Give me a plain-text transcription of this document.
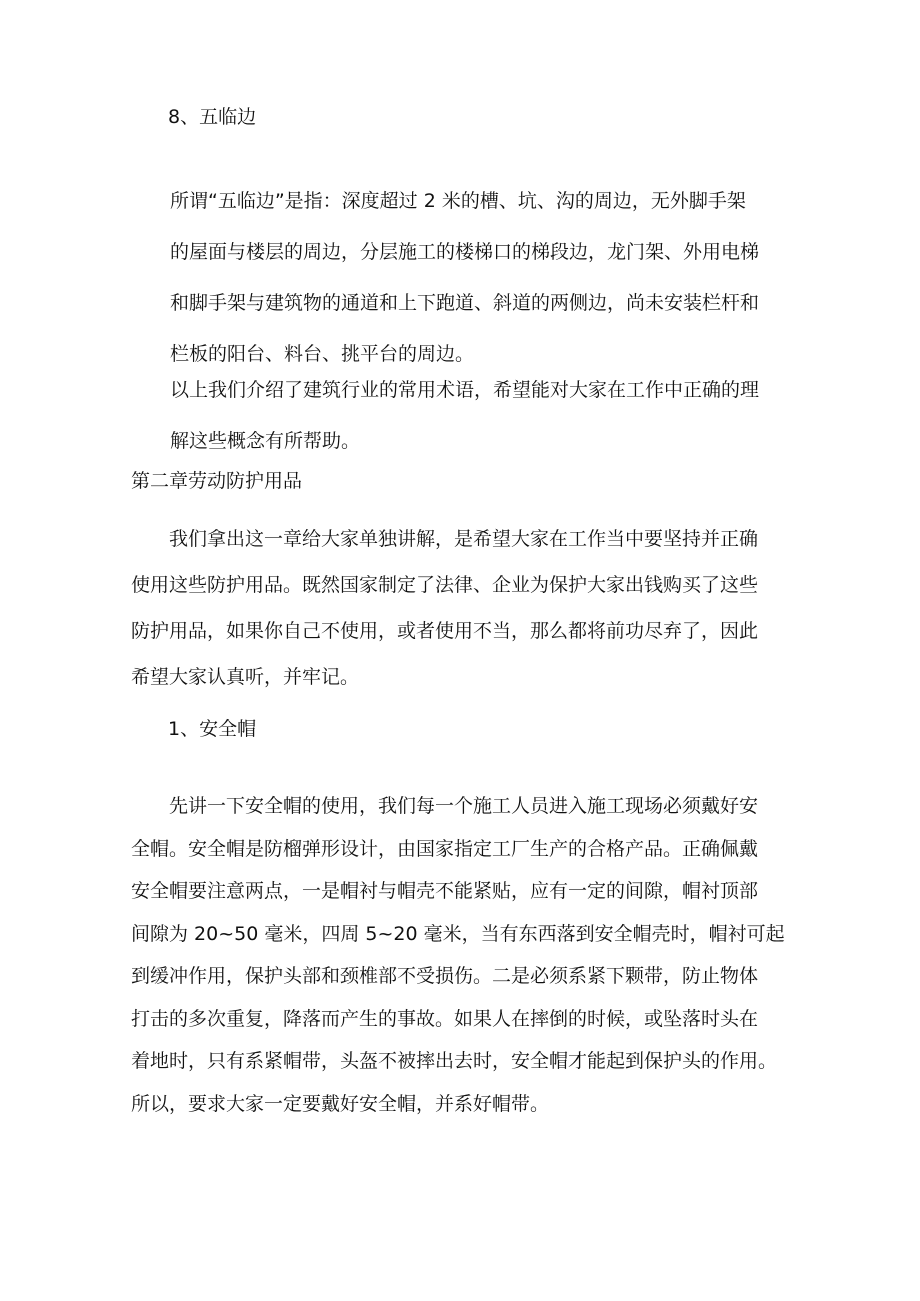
8、五临边
所谓“五临边”是指：深度超过 2 米的槽、坑、沟的周边，无外脚手架
的屋面与楼层的周边，分层施工的楼梯口的梯段边，龙门架、外用电梯
和脚手架与建筑物的通道和上下跑道、斜道的两侧边，尚未安装栏杆和
栏板的阳台、料台、挑平台的周边。
以上我们介绍了建筑行业的常用术语，希望能对大家在工作中正确的理
解这些概念有所帮助。
第二章劳动防护用品
我们拿出这一章给大家单独讲解，是希望大家在工作当中要坚持并正确
使用这些防护用品。既然国家制定了法律、企业为保护大家出钱购买了这些
防护用品，如果你自己不使用，或者使用不当，那么都将前功尽弃了，因此
希望大家认真听，并牢记。
1、安全帽
先讲一下安全帽的使用，我们每一个施工人员进入施工现场必须戴好安
全帽。安全帽是防榴弹形设计，由国家指定工厂生产的合格产品。正确佩戴
安全帽要注意两点，一是帽衬与帽壳不能紧贴，应有一定的间隙，帽衬顶部
间隙为 20~50 毫米，四周 5~20 毫米，当有东西落到安全帽壳时，帽衬可起
到缓冲作用，保护头部和颈椎部不受损伤。二是必须系紧下颗带，防止物体
打击的多次重复，降落而产生的事故。如果人在摔倒的时候，或坠落时头在
着地时，只有系紧帽带，头盔不被摔出去时，安全帽才能起到保护头的作用。
所以，要求大家一定要戴好安全帽，并系好帽带。
